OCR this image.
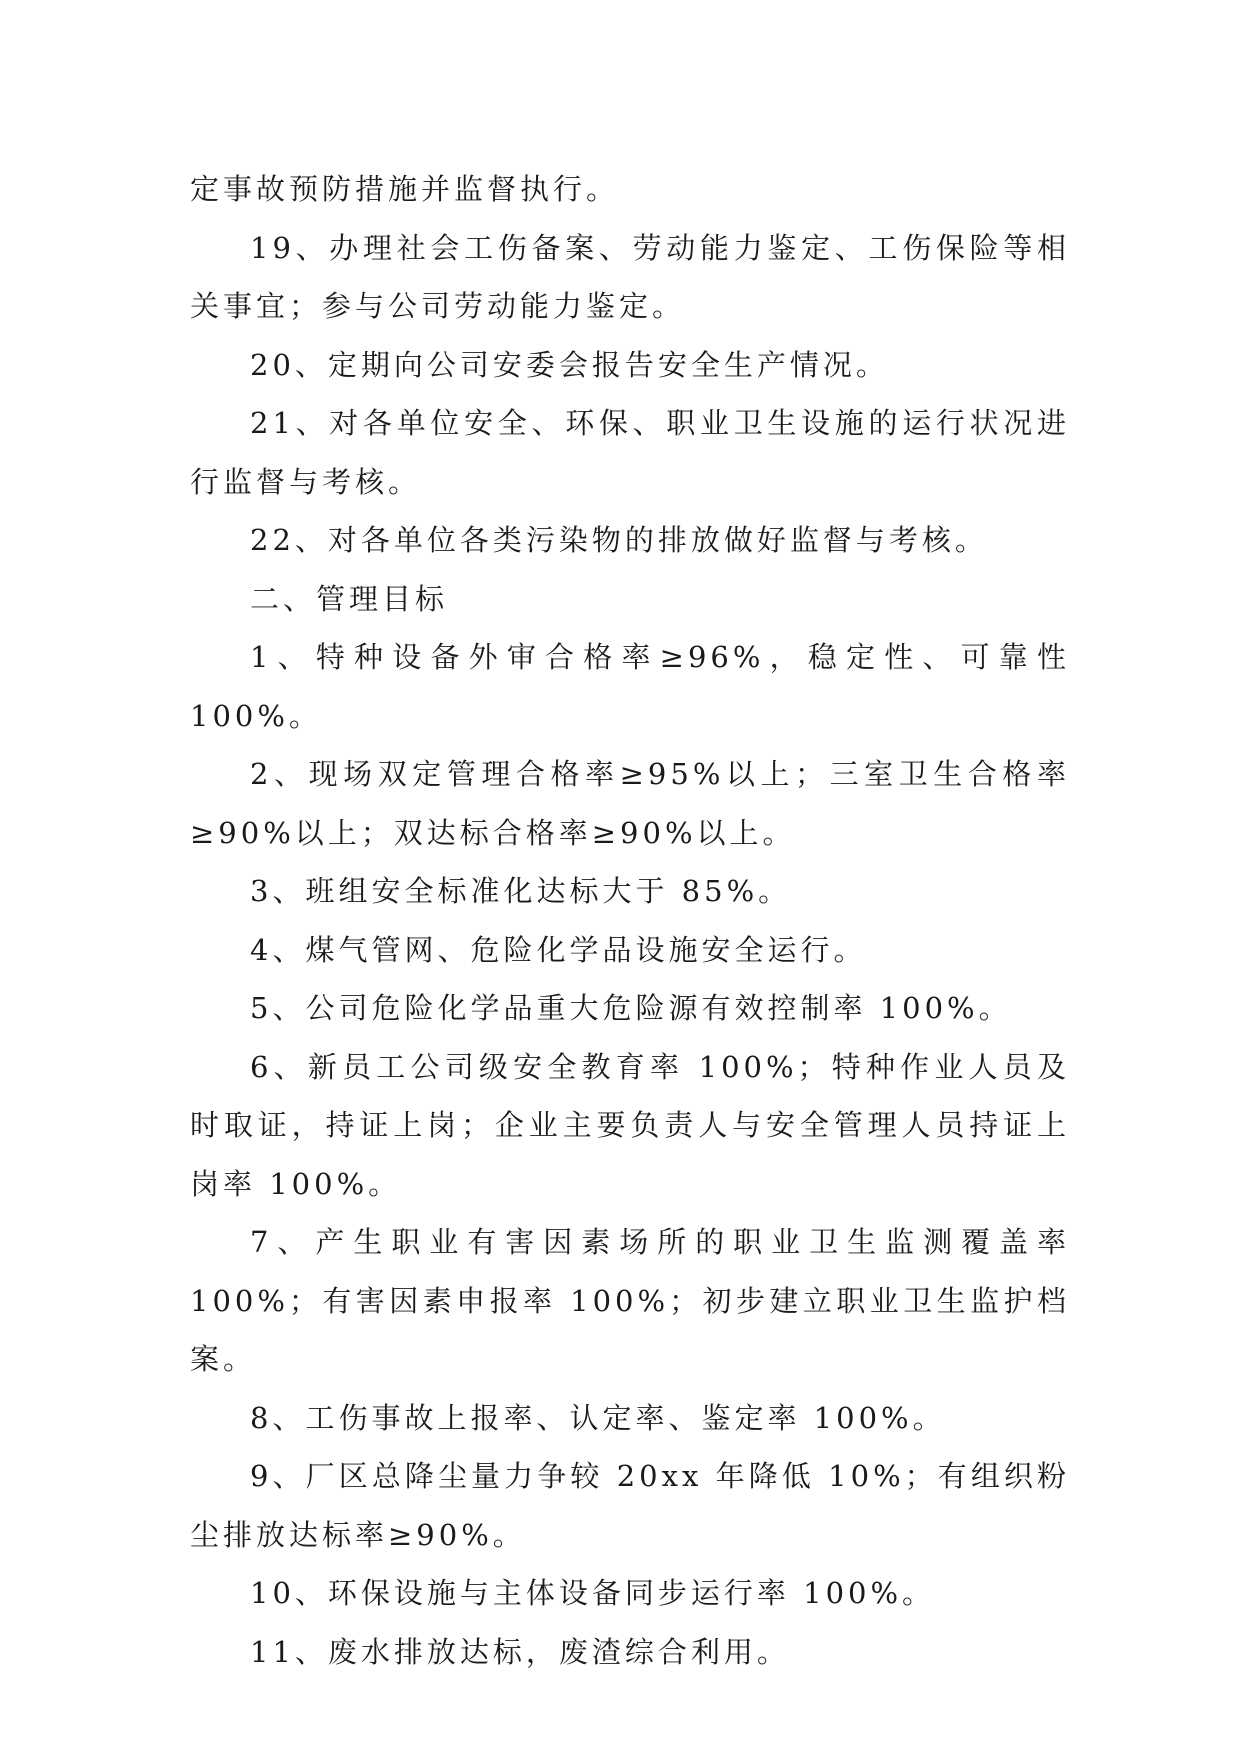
定事故预防措施并监督执行。

19、办理社会工伤备案、劳动能力鉴定、工伤保险等相关事宜；参与公司劳动能力鉴定。

20、定期向公司安委会报告安全生产情况。

21、对各单位安全、环保、职业卫生设施的运行状况进行监督与考核。

22、对各单位各类污染物的排放做好监督与考核。

二、管理目标

1、特种设备外审合格率≥96%，稳定性、可靠性 100%。

2、现场双定管理合格率≥95%以上；三室卫生合格率≥90%以上；双达标合格率≥90%以上。

3、班组安全标准化达标大于 85%。

4、煤气管网、危险化学品设施安全运行。

5、公司危险化学品重大危险源有效控制率 100%。

6、新员工公司级安全教育率 100%；特种作业人员及时取证，持证上岗；企业主要负责人与安全管理人员持证上岗率 100%。

7、产生职业有害因素场所的职业卫生监测覆盖率 100%；有害因素申报率 100%；初步建立职业卫生监护档案。

8、工伤事故上报率、认定率、鉴定率 100%。

9、厂区总降尘量力争较 20xx 年降低 10%；有组织粉尘排放达标率≥90%。

10、环保设施与主体设备同步运行率 100%。

11、废水排放达标，废渣综合利用。
